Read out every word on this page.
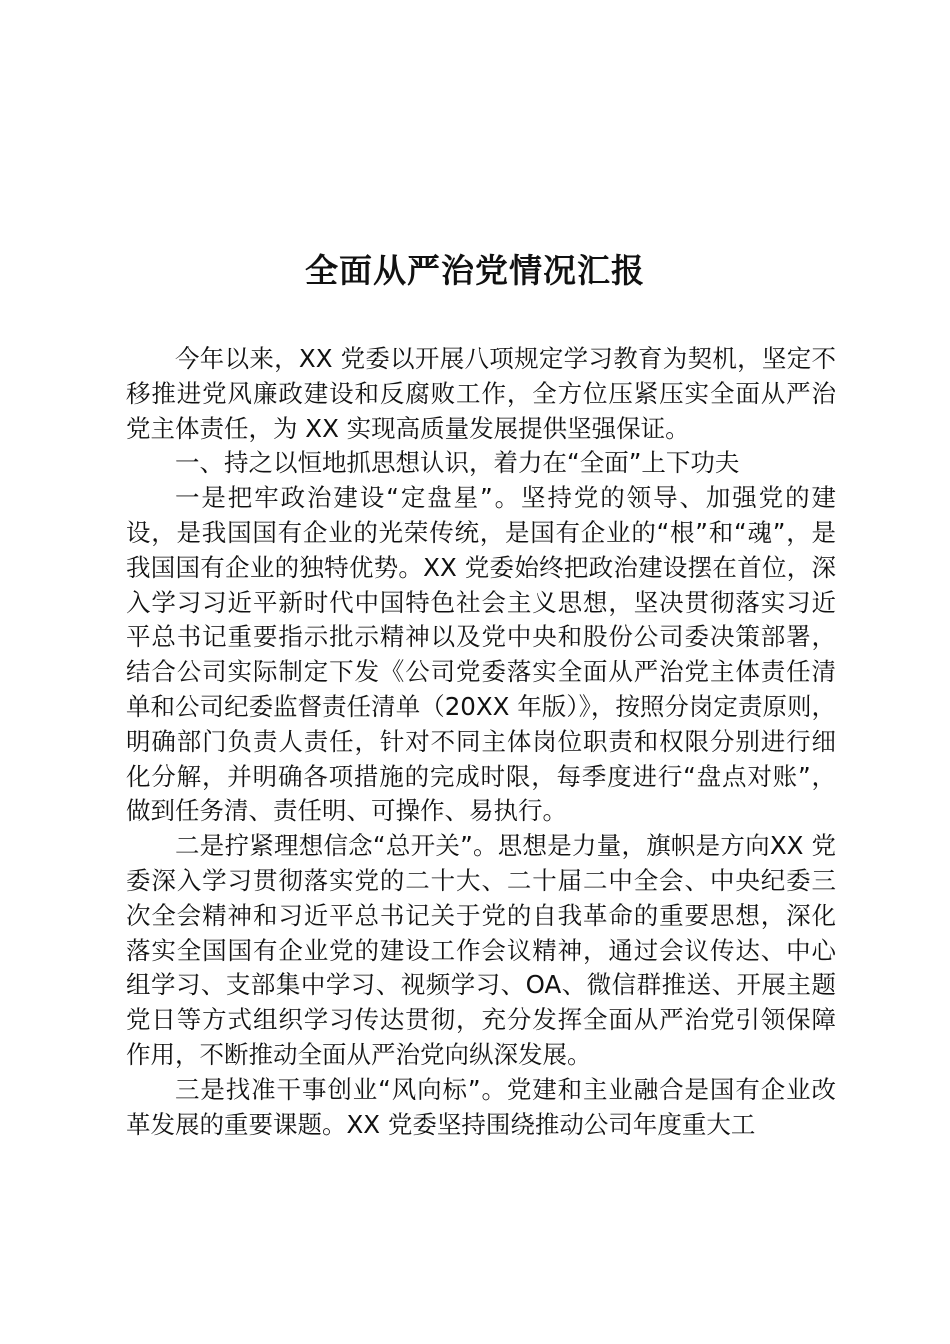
全面从严治党情况汇报

今年以来，XX 党委以开展八项规定学习教育为契机，坚定不移推进党风廉政建设和反腐败工作，全方位压紧压实全面从严治党主体责任，为 XX 实现高质量发展提供坚强保证。

一、持之以恒地抓思想认识，着力在“全面”上下功夫

一是把牢政治建设“定盘星”。坚持党的领导、加强党的建设，是我国国有企业的光荣传统，是国有企业的“根”和“魂”，是我国国有企业的独特优势。XX 党委始终把政治建设摆在首位，深入学习习近平新时代中国特色社会主义思想，坚决贯彻落实习近平总书记重要指示批示精神以及党中央和股份公司委决策部署，结合公司实际制定下发《公司党委落实全面从严治党主体责任清单和公司纪委监督责任清单（20XX 年版）》，按照分岗定责原则，明确部门负责人责任，针对不同主体岗位职责和权限分别进行细化分解，并明确各项措施的完成时限，每季度进行“盘点对账”，做到任务清、责任明、可操作、易执行。

二是拧紧理想信念“总开关”。思想是力量，旗帜是方向XX 党委深入学习贯彻落实党的二十大、二十届二中全会、中央纪委三次全会精神和习近平总书记关于党的自我革命的重要思想，深化落实全国国有企业党的建设工作会议精神，通过会议传达、中心组学习、支部集中学习、视频学习、OA、微信群推送、开展主题党日等方式组织学习传达贯彻，充分发挥全面从严治党引领保障作用，不断推动全面从严治党向纵深发展。

三是找准干事创业“风向标”。党建和主业融合是国有企业改革发展的重要课题。XX 党委坚持围绕推动公司年度重大工
